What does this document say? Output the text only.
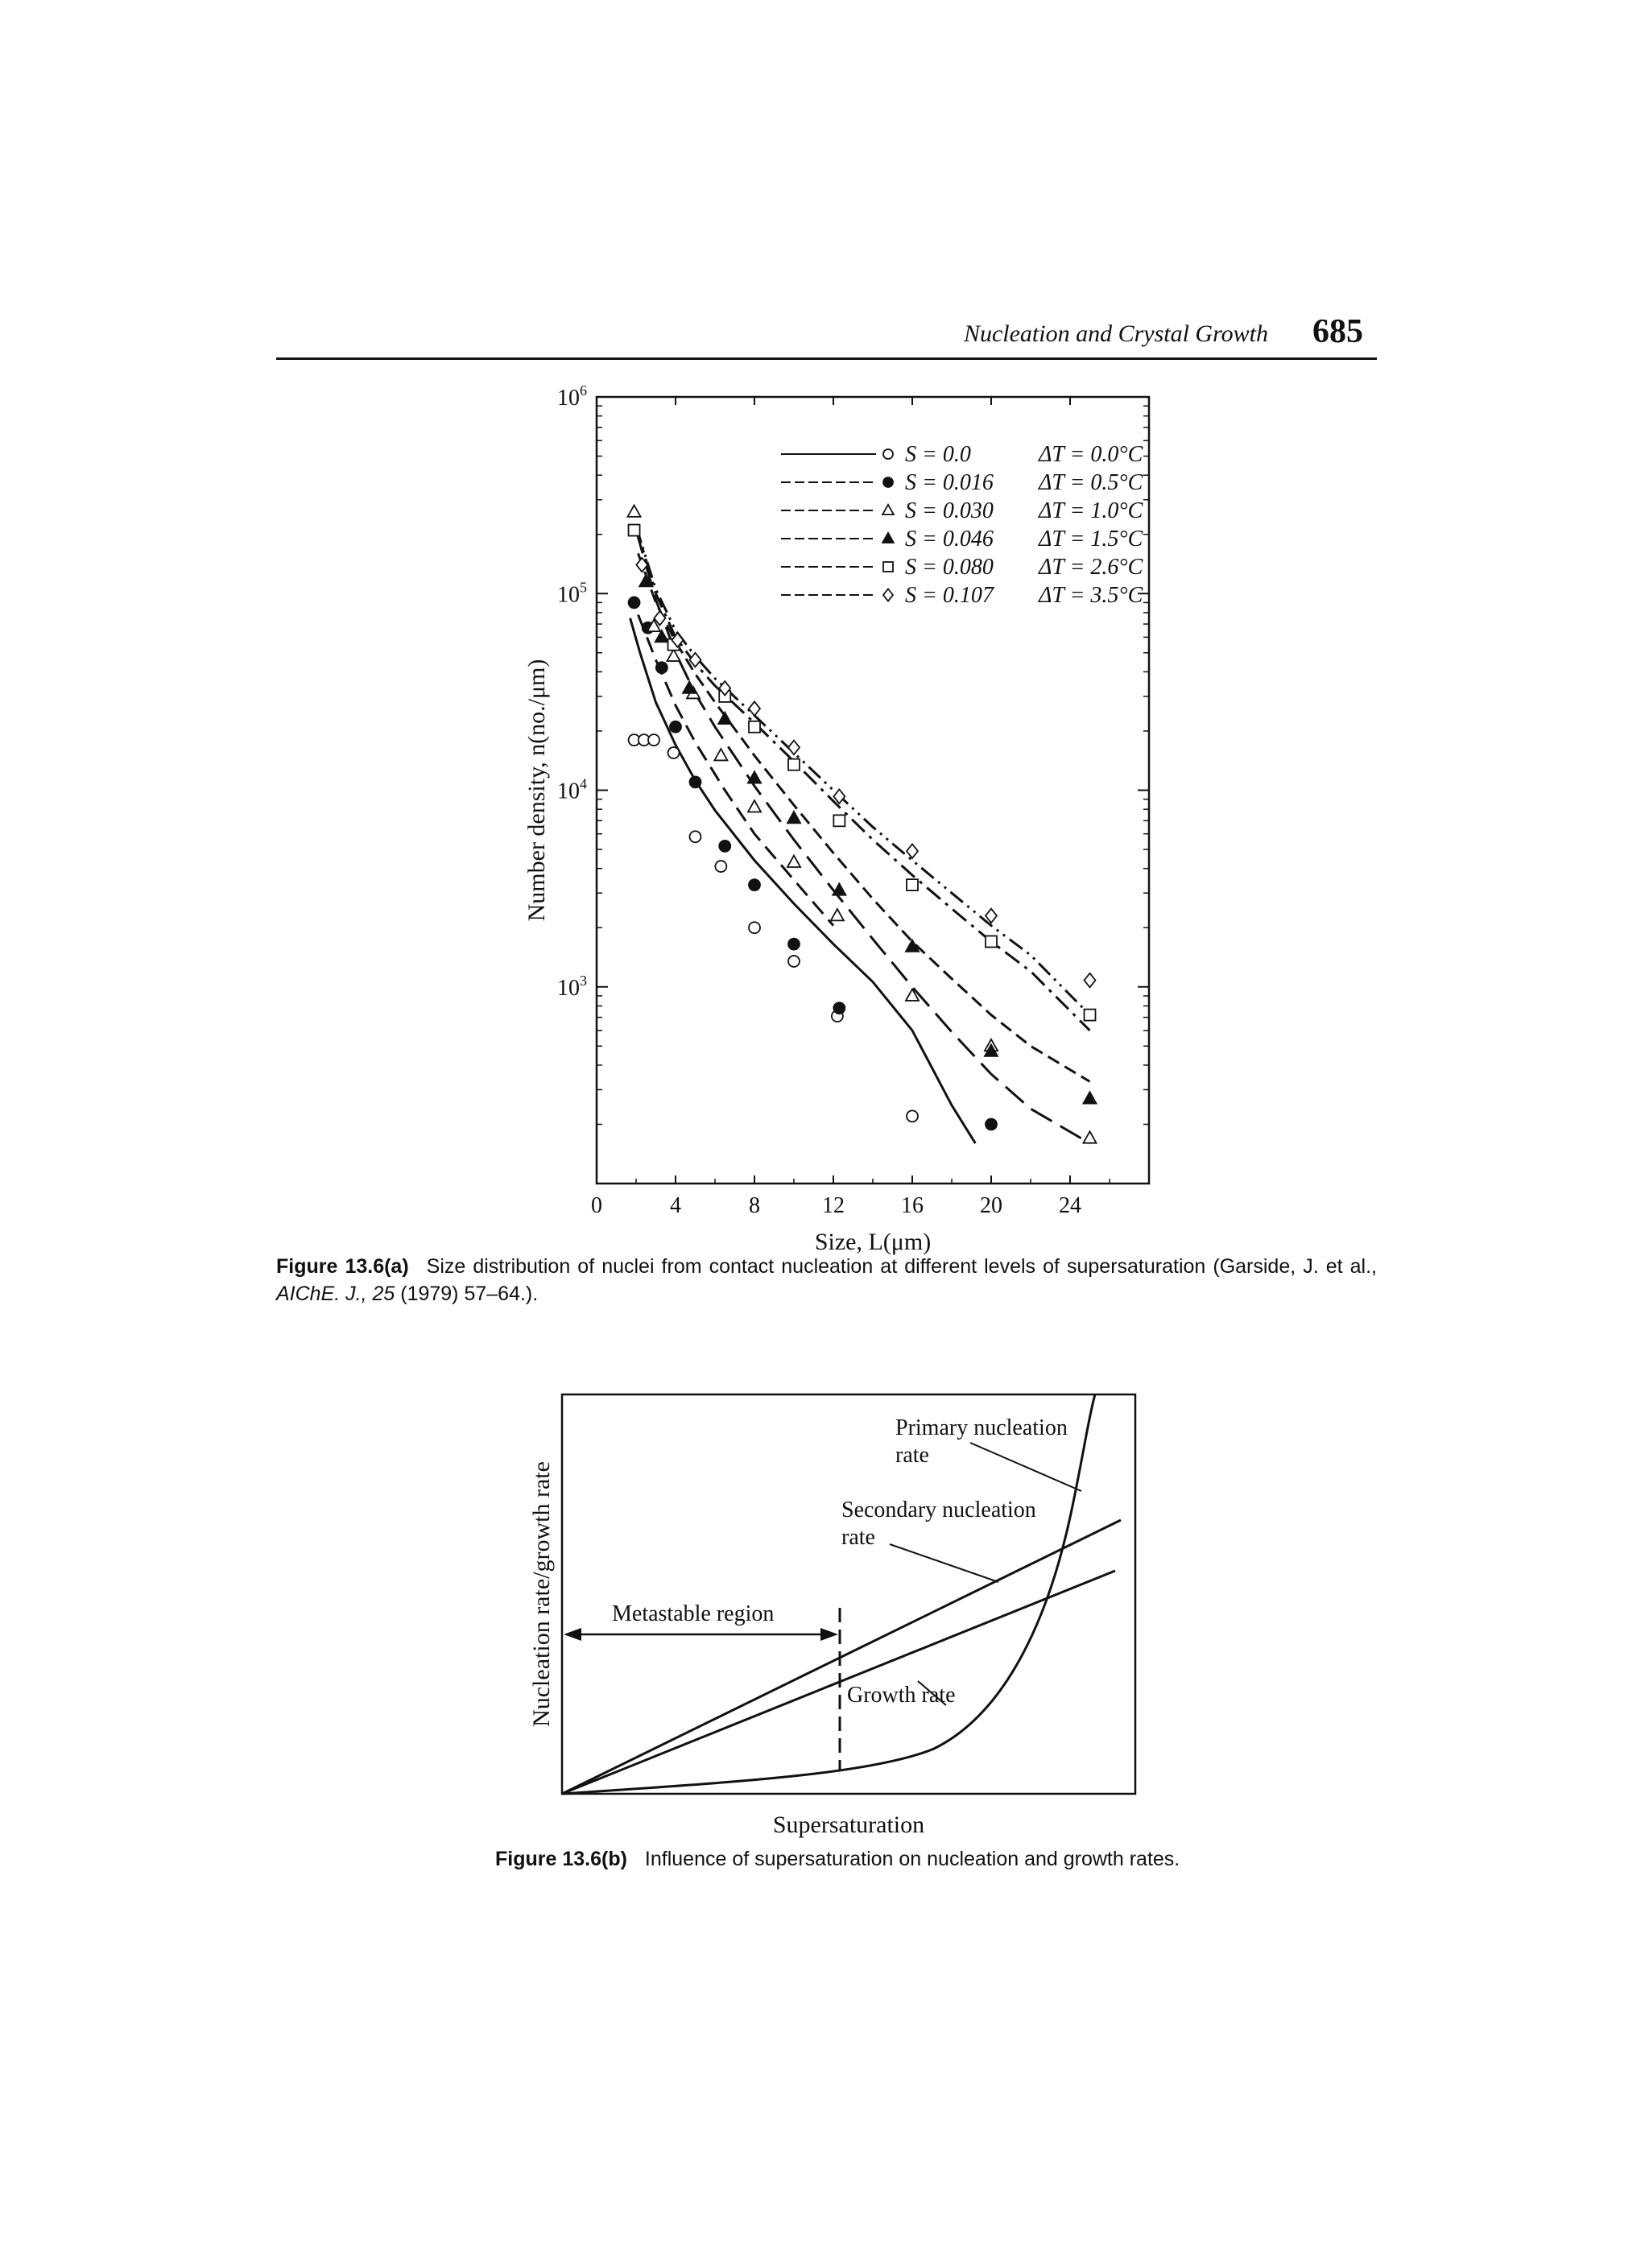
Nucleation and Crystal Growth 685
0	4	8	12	16	20	24
$10^3$
$10^4$
$10^5$
$10^6$
Size, L(μm)
Number density, n(no./μm)
S = 0.0	ΔT = 0.0°C
S = 0.016 ΔT = 0.5°C
S = 0.030 ΔT = 1.0°C
S = 0.046 ΔT = 1.5°C
S = 0.080 ΔT = 2.6°C
S = 0.107 ΔT = 3.5°C
Primary nucleation
rate
Secondary nucleation
rate
Growth rate
Metastable region
Supersaturation
Nucleation rate/growth rate
Figure 13.6(a) Size distribution of nuclei from contact nucleation at different levels of supersaturation (Garside, J. et al., AIChE. J., 25 (1979) 57–64.).
Figure 13.6(b) Influence of supersaturation on nucleation and growth rates.
